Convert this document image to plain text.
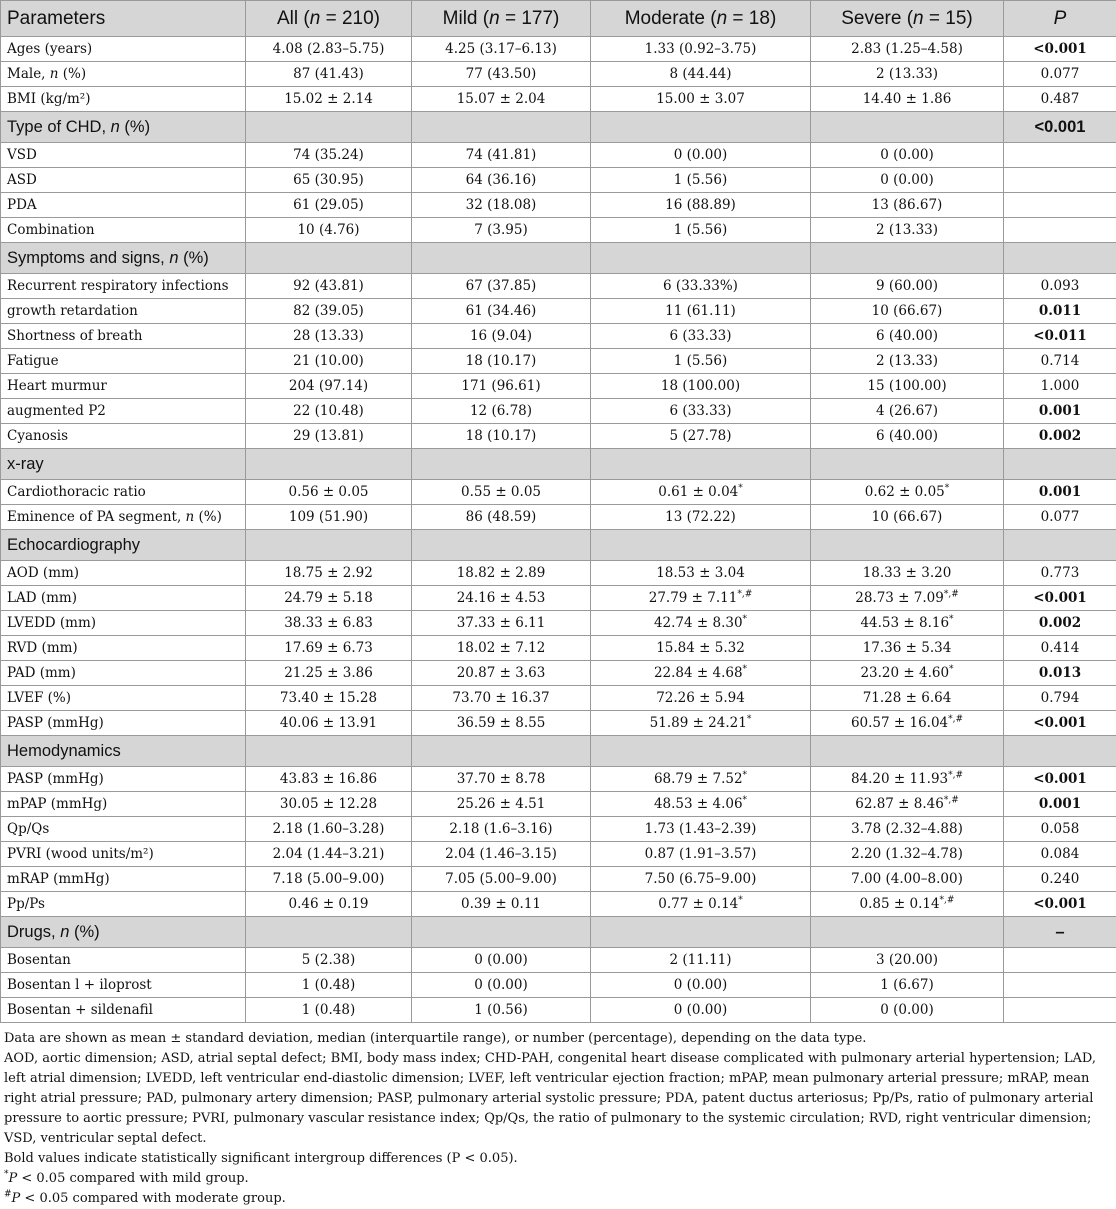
Parameters	All (n = 210)	Mild (n = 177)	Moderate (n = 18)	Severe (n = 15)	P
Ages (years)	4.08 (2.83–5.75)	4.25 (3.17–6.13)	1.33 (0.92–3.75)	2.83 (1.25–4.58)	<0.001
Male, n (%)	87 (41.43)	77 (43.50)	8 (44.44)	2 (13.33)	0.077
BMI (kg/m²)	15.02 ± 2.14	15.07 ± 2.04	15.00 ± 3.07	14.40 ± 1.86	0.487
Type of CHD, n (%)					<0.001
VSD	74 (35.24)	74 (41.81)	0 (0.00)	0 (0.00)	
ASD	65 (30.95)	64 (36.16)	1 (5.56)	0 (0.00)	
PDA	61 (29.05)	32 (18.08)	16 (88.89)	13 (86.67)	
Combination	10 (4.76)	7 (3.95)	1 (5.56)	2 (13.33)	
Symptoms and signs, n (%)					
Recurrent respiratory infections	92 (43.81)	67 (37.85)	6 (33.33%)	9 (60.00)	0.093
growth retardation	82 (39.05)	61 (34.46)	11 (61.11)	10 (66.67)	0.011
Shortness of breath	28 (13.33)	16 (9.04)	6 (33.33)	6 (40.00)	<0.011
Fatigue	21 (10.00)	18 (10.17)	1 (5.56)	2 (13.33)	0.714
Heart murmur	204 (97.14)	171 (96.61)	18 (100.00)	15 (100.00)	1.000
augmented P2	22 (10.48)	12 (6.78)	6 (33.33)	4 (26.67)	0.001
Cyanosis	29 (13.81)	18 (10.17)	5 (27.78)	6 (40.00)	0.002
x-ray					
Cardiothoracic ratio	0.56 ± 0.05	0.55 ± 0.05	0.61 ± 0.04*	0.62 ± 0.05*	0.001
Eminence of PA segment, n (%)	109 (51.90)	86 (48.59)	13 (72.22)	10 (66.67)	0.077
Echocardiography					
AOD (mm)	18.75 ± 2.92	18.82 ± 2.89	18.53 ± 3.04	18.33 ± 3.20	0.773
LAD (mm)	24.79 ± 5.18	24.16 ± 4.53	27.79 ± 7.11*,#	28.73 ± 7.09*,#	<0.001
LVEDD (mm)	38.33 ± 6.83	37.33 ± 6.11	42.74 ± 8.30*	44.53 ± 8.16*	0.002
RVD (mm)	17.69 ± 6.73	18.02 ± 7.12	15.84 ± 5.32	17.36 ± 5.34	0.414
PAD (mm)	21.25 ± 3.86	20.87 ± 3.63	22.84 ± 4.68*	23.20 ± 4.60*	0.013
LVEF (%)	73.40 ± 15.28	73.70 ± 16.37	72.26 ± 5.94	71.28 ± 6.64	0.794
PASP (mmHg)	40.06 ± 13.91	36.59 ± 8.55	51.89 ± 24.21*	60.57 ± 16.04*,#	<0.001
Hemodynamics					
PASP (mmHg)	43.83 ± 16.86	37.70 ± 8.78	68.79 ± 7.52*	84.20 ± 11.93*,#	<0.001
mPAP (mmHg)	30.05 ± 12.28	25.26 ± 4.51	48.53 ± 4.06*	62.87 ± 8.46*,#	0.001
Qp/Qs	2.18 (1.60–3.28)	2.18 (1.6–3.16)	1.73 (1.43–2.39)	3.78 (2.32–4.88)	0.058
PVRI (wood units/m²)	2.04 (1.44–3.21)	2.04 (1.46–3.15)	0.87 (1.91–3.57)	2.20 (1.32–4.78)	0.084
mRAP (mmHg)	7.18 (5.00–9.00)	7.05 (5.00–9.00)	7.50 (6.75–9.00)	7.00 (4.00–8.00)	0.240
Pp/Ps	0.46 ± 0.19	0.39 ± 0.11	0.77 ± 0.14*	0.85 ± 0.14*,#	<0.001
Drugs, n (%)					–
Bosentan	5 (2.38)	0 (0.00)	2 (11.11)	3 (20.00)	
Bosentan l + iloprost	1 (0.48)	0 (0.00)	0 (0.00)	1 (6.67)	
Bosentan + sildenafil	1 (0.48)	1 (0.56)	0 (0.00)	0 (0.00)	

Data are shown as mean ± standard deviation, median (interquartile range), or number (percentage), depending on the data type.

AOD, aortic dimension; ASD, atrial septal defect; BMI, body mass index; CHD-PAH, congenital heart disease complicated with pulmonary arterial hypertension; LAD, left atrial dimension; LVEDD, left ventricular end-diastolic dimension; LVEF, left ventricular ejection fraction; mPAP, mean pulmonary arterial pressure; mRAP, mean right atrial pressure; PAD, pulmonary artery dimension; PASP, pulmonary arterial systolic pressure; PDA, patent ductus arteriosus; Pp/Ps, ratio of pulmonary arterial pressure to aortic pressure; PVRI, pulmonary vascular resistance index; Qp/Qs, the ratio of pulmonary to the systemic circulation; RVD, right ventricular dimension; VSD, ventricular septal defect.

Bold values indicate statistically significant intergroup differences (P < 0.05).

*P < 0.05 compared with mild group.

#P < 0.05 compared with moderate group.
